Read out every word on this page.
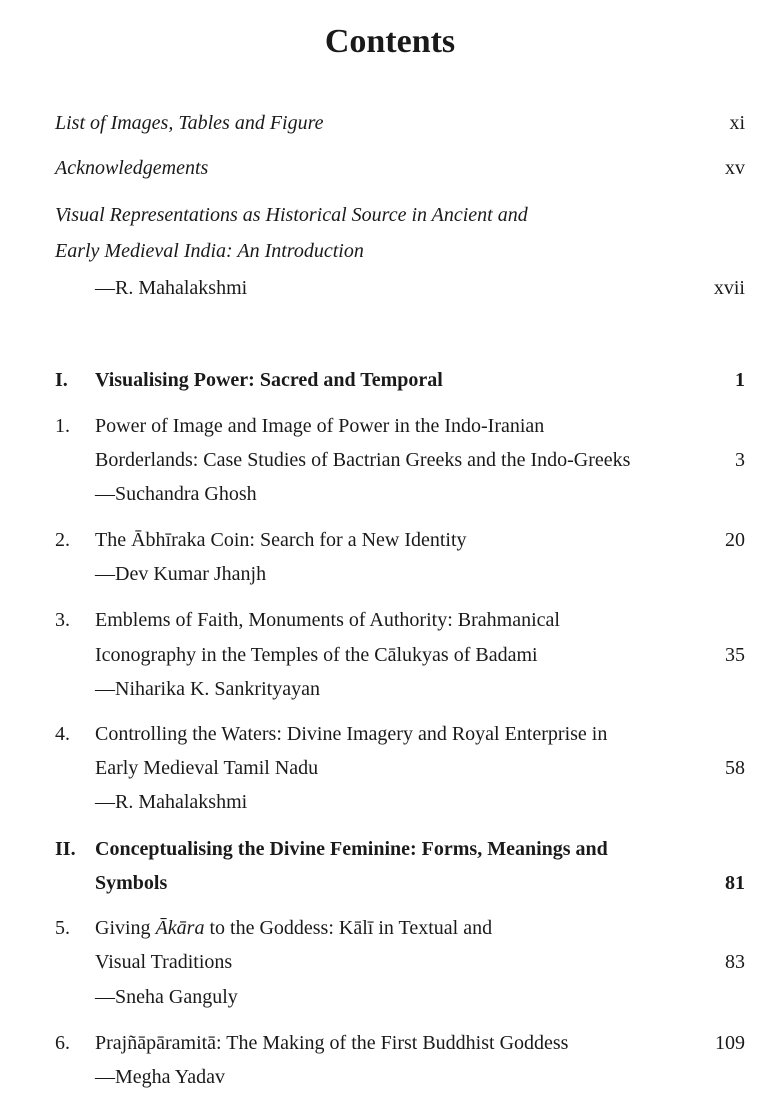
Contents
List of Images, Tables and Figure	xi
Acknowledgements	xv
Visual Representations as Historical Source in Ancient and
Early Medieval India: An Introduction
—R. Mahalakshmi	xvii
I. Visualising Power: Sacred and Temporal	1
1. Power of Image and Image of Power in the Indo-Iranian
Borderlands: Case Studies of Bactrian Greeks and the Indo-Greeks	3
—Suchandra Ghosh
2. The Ābhīraka Coin: Search for a New Identity	20
—Dev Kumar Jhanjh
3. Emblems of Faith, Monuments of Authority: Brahmanical
Iconography in the Temples of the Cālukyas of Badami	35
—Niharika K. Sankrityayan
4. Controlling the Waters: Divine Imagery and Royal Enterprise in
Early Medieval Tamil Nadu	58
—R. Mahalakshmi
II. Conceptualising the Divine Feminine: Forms, Meanings and
Symbols	81
5. Giving Ākāra to the Goddess: Kālī in Textual and
Visual Traditions	83
—Sneha Ganguly
6. Prajñāpāramitā: The Making of the First Buddhist Goddess	109
—Megha Yadav
